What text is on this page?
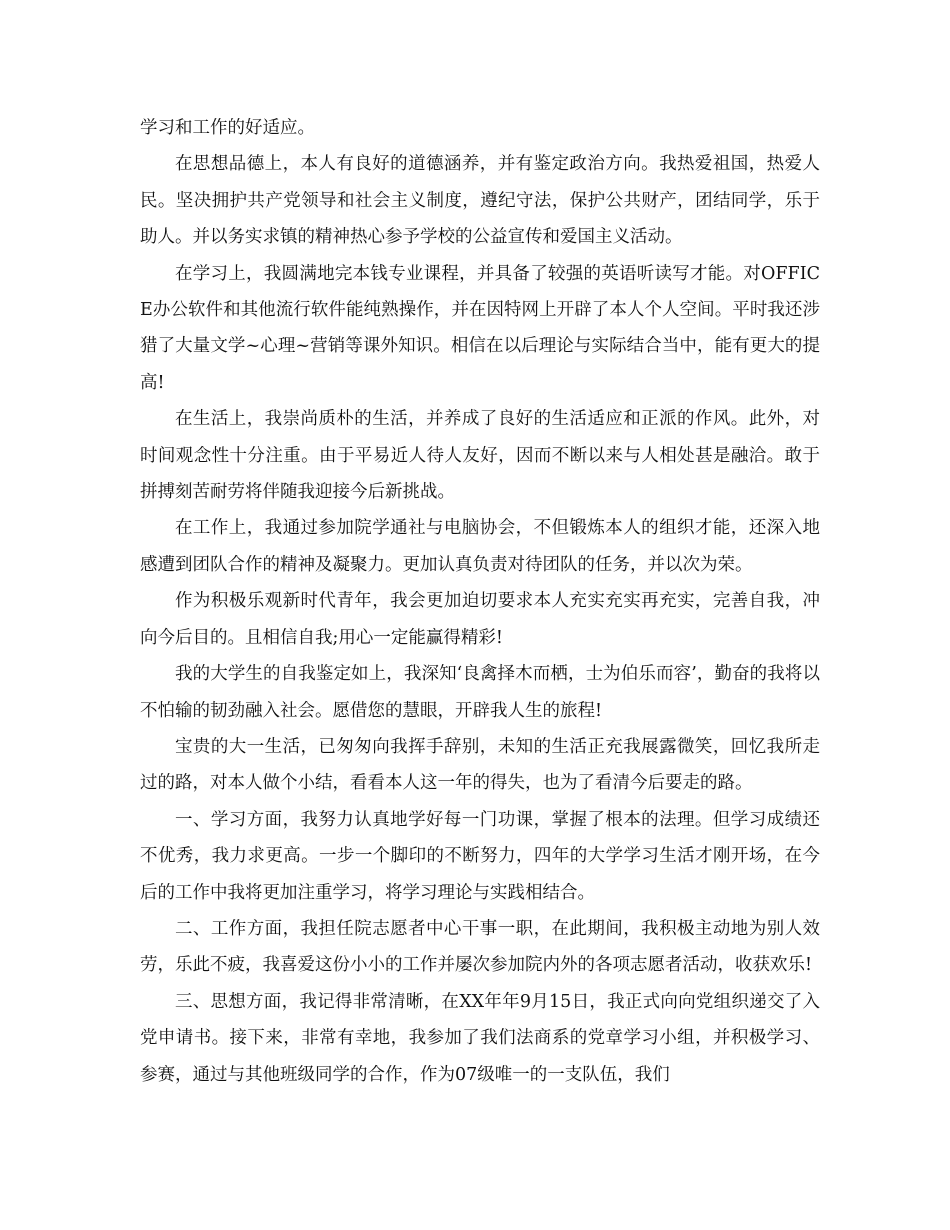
学习和工作的好适应。

在思想品德上，本人有良好的道德涵养，并有鉴定政治方向。我热爱祖国，热爱人民。坚决拥护共产党领导和社会主义制度，遵纪守法，保护公共财产，团结同学，乐于助人。并以务实求镇的精神热心参予学校的公益宣传和爱国主义活动。

在学习上，我圆满地完本钱专业课程，并具备了较强的英语听读写才能。对OFFICE办公软件和其他流行软件能纯熟操作，并在因特网上开辟了本人个人空间。平时我还涉猎了大量文学~心理~营销等课外知识。相信在以后理论与实际结合当中，能有更大的提高!

在生活上，我崇尚质朴的生活，并养成了良好的生活适应和正派的作风。此外，对时间观念性十分注重。由于平易近人待人友好，因而不断以来与人相处甚是融洽。敢于拼搏刻苦耐劳将伴随我迎接今后新挑战。

在工作上，我通过参加院学通社与电脑协会，不但锻炼本人的组织才能，还深入地感遭到团队合作的精神及凝聚力。更加认真负责对待团队的任务，并以次为荣。

作为积极乐观新时代青年，我会更加迫切要求本人充实充实再充实，完善自我，冲向今后目的。且相信自我;用心一定能赢得精彩!

我的大学生的自我鉴定如上，我深知‘良禽择木而栖，士为伯乐而容’，勤奋的我将以不怕输的韧劲融入社会。愿借您的慧眼，开辟我人生的旅程!

宝贵的大一生活，已匆匆向我挥手辞别，未知的生活正充我展露微笑，回忆我所走过的路，对本人做个小结，看看本人这一年的得失，也为了看清今后要走的路。

一、学习方面，我努力认真地学好每一门功课，掌握了根本的法理。但学习成绩还不优秀，我力求更高。一步一个脚印的不断努力，四年的大学学习生活才刚开场，在今后的工作中我将更加注重学习，将学习理论与实践相结合。

二、工作方面，我担任院志愿者中心干事一职，在此期间，我积极主动地为别人效劳，乐此不疲，我喜爱这份小小的工作并屡次参加院内外的各项志愿者活动，收获欢乐!

三、思想方面，我记得非常清晰，在XX年年9月15日，我正式向向党组织递交了入党申请书。接下来，非常有幸地，我参加了我们法商系的党章学习小组，并积极学习、参赛，通过与其他班级同学的合作，作为07级唯一的一支队伍，我们
